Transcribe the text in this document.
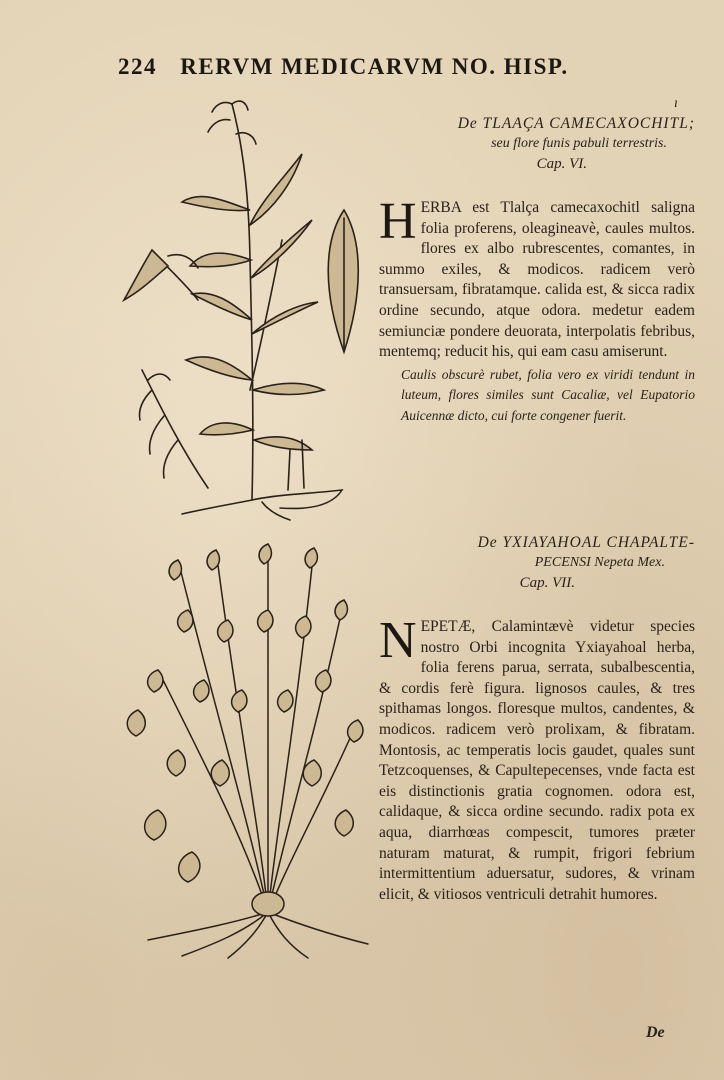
224 RERVM MEDICARVM NO. HISP.
ı
De TLAAÇA CAMECAXOCHITL;
seu flore funis pabuli terrestris.
Cap. VI.
H ERBA est Tlalça camecaxochitl saligna folia proferens, oleagineavè, caules multos. flores ex albo rubrescentes, comantes, in summo exiles, & modicos. radicem verò transuersam, fibratamque. calida est, & sicca radix ordine secundo, atque odora. medetur eadem semiunciæ pondere deuorata, interpolatis febribus, mentemq; reducit his, qui eam casu amiserunt.
Caulis obscurè rubet, folia vero ex viridi tendunt in luteum, flores similes sunt Cacaliæ, vel Eupatorio Auicennæ dicto, cui forte congener fuerit.
De YXIAYAHOAL CHAPALTE-
PECENSI Nepeta Mex.
Cap. VII.
N EPETÆ, Calamintævè videtur species nostro Orbi incognita Yxiayahoal herba, folia ferens parua, serrata, subalbescentia, & cordis ferè figura. lignosos caules, & tres spithamas longos. floresque multos, candentes, & modicos. radicem verò prolixam, & fibratam. Montosis, ac temperatis locis gaudet, quales sunt Tetzcoquenses, & Capultepecenses, vnde facta est eis distinctionis gratia cognomen. odora est, calidaque, & sicca ordine secundo. radix pota ex aqua, diarrhœas compescit, tumores præter naturam maturat, & rumpit, frigori febrium intermittentium aduersatur, sudores, & vrinam elicit, & vitiosos ventriculi detrahit humores.
De
